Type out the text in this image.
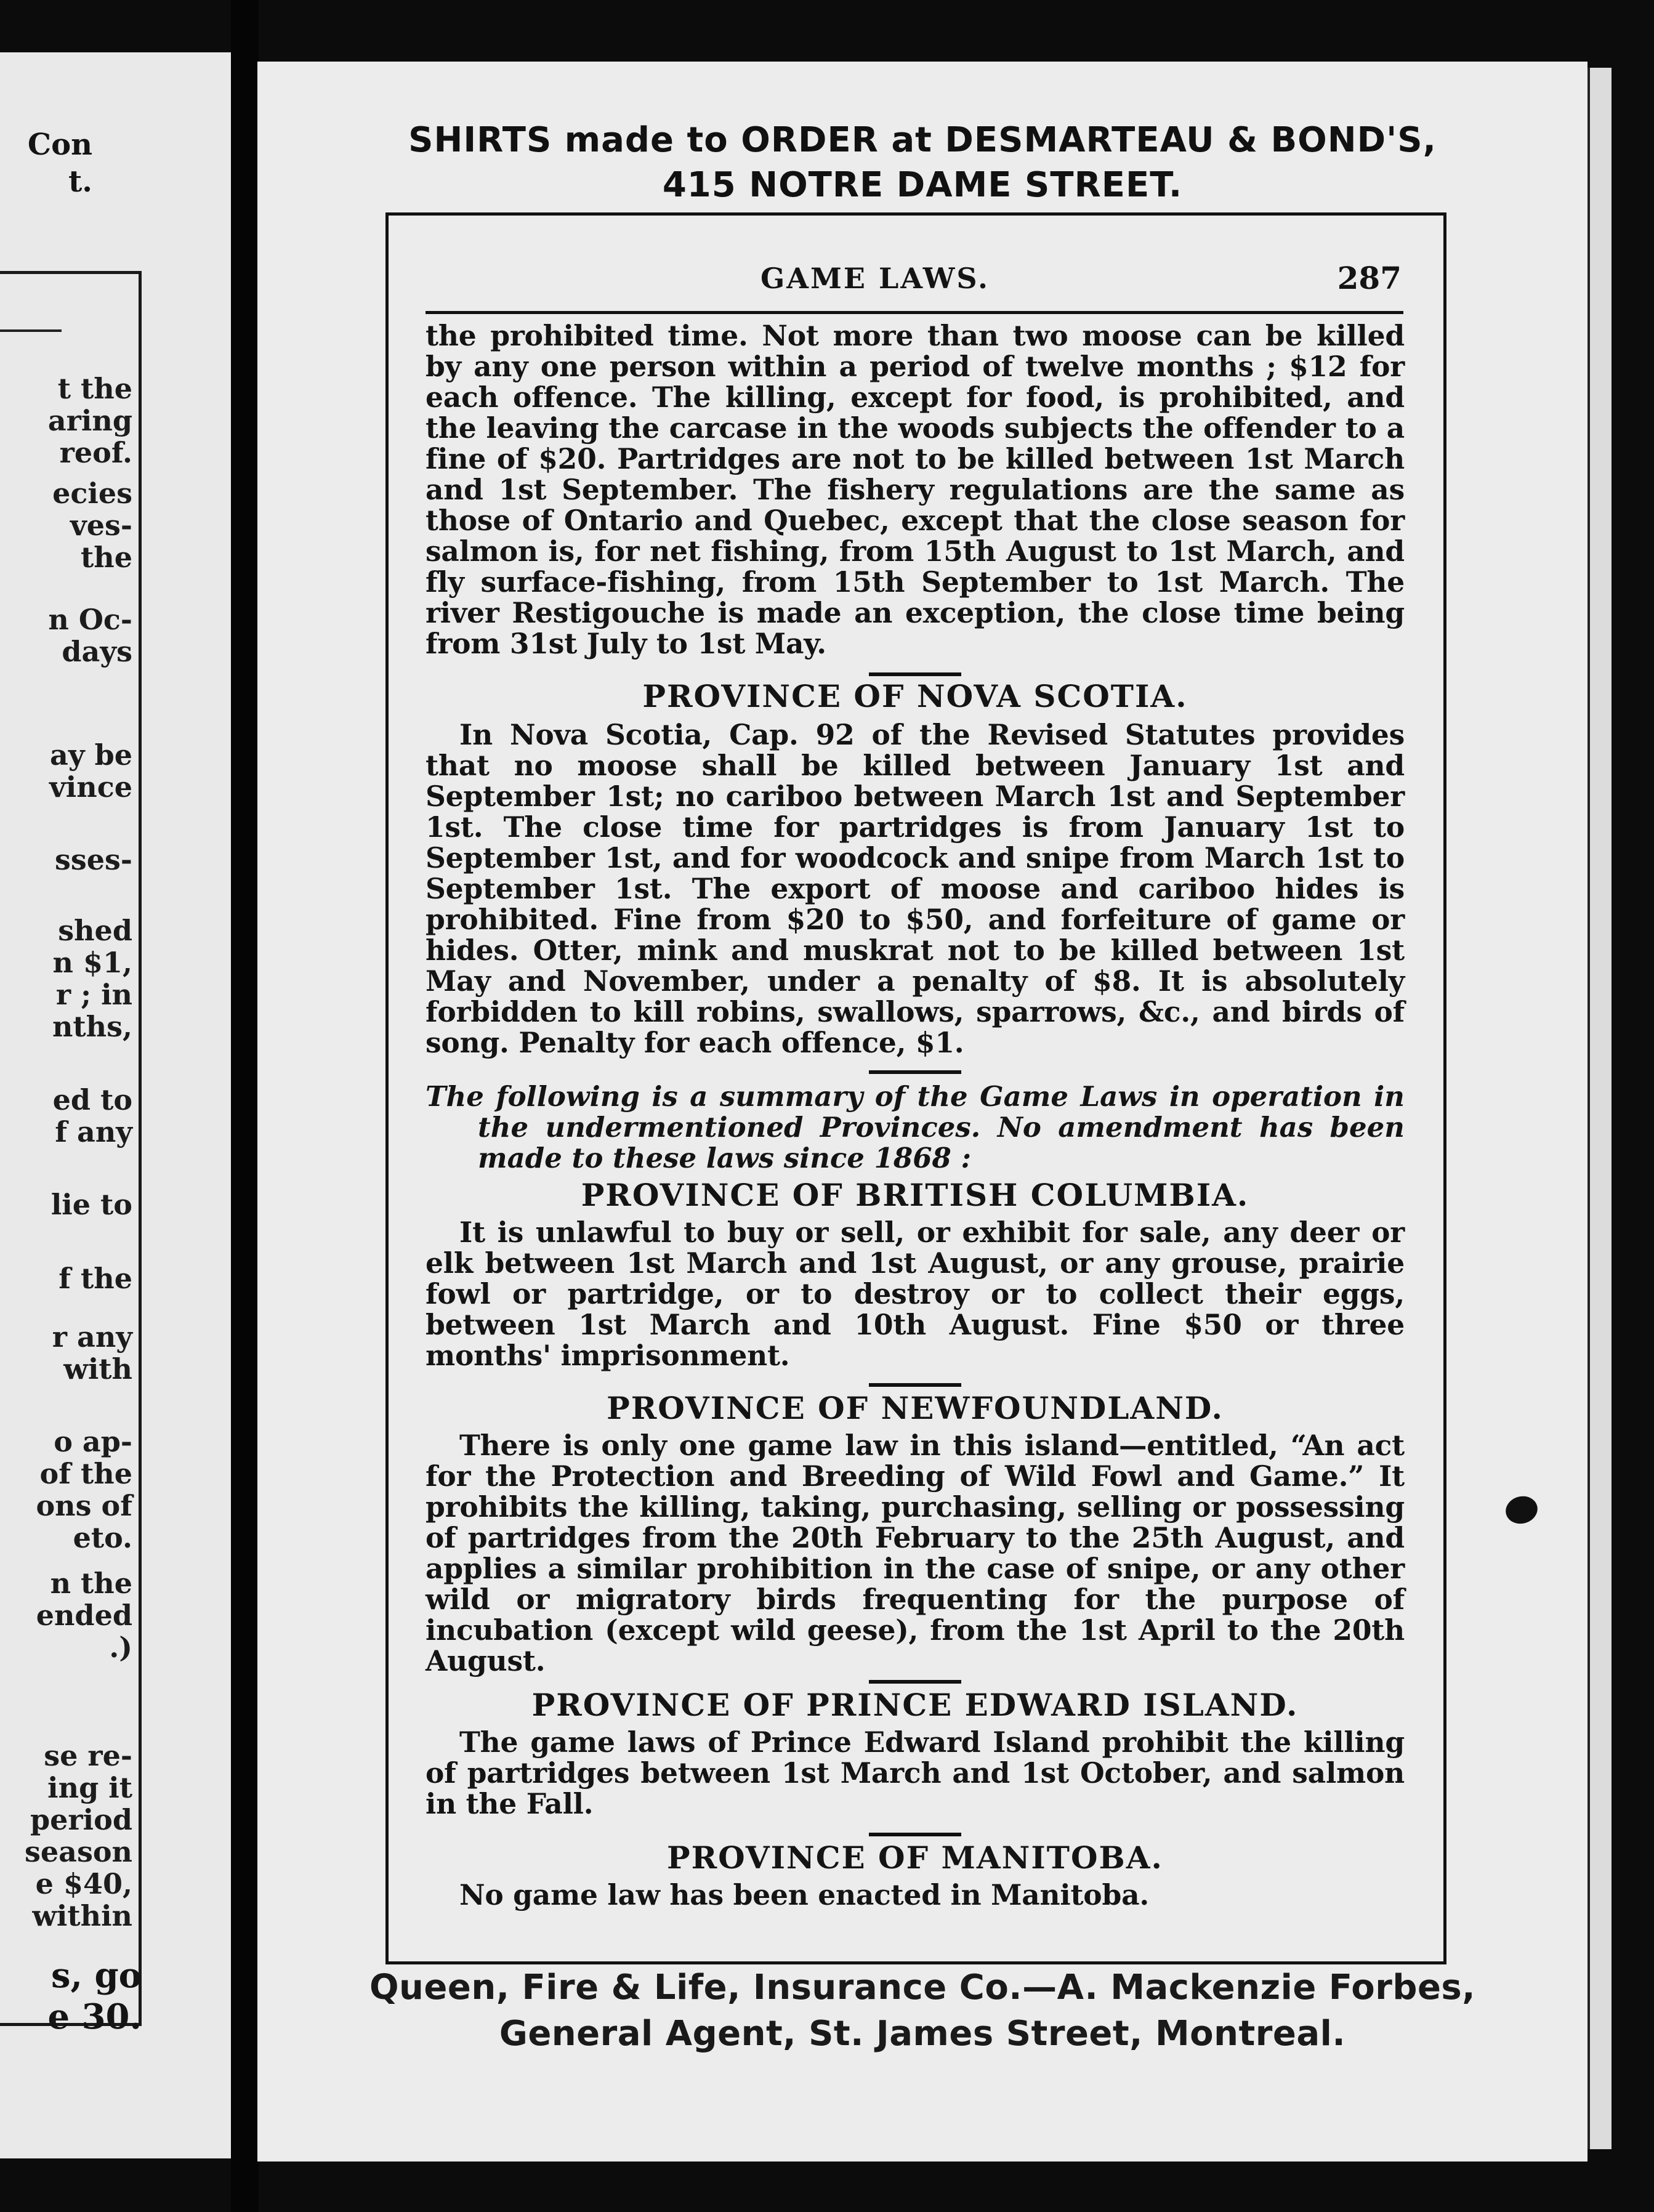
Con
t.
t the
aring
reof.
ecies
ves-
the
n Oc-
days
ay be
vince
sses-
shed
n $1,
r ; in
nths,
ed to
f any
lie to
f the
r any
with
o ap-
of the
ons of
eto.
n the
ended
.)
se re-
ing it
period
season
e $40,
within
s, go
e 30.
SHIRTS made to ORDER at DESMARTEAU & BOND'S,
415 NOTRE DAME STREET.
GAME LAWS.	287

the prohibited time. Not more than two moose can be killed by any one person within a period of twelve months ; $12 for each offence. The killing, except for food, is prohibited, and the leaving the carcase in the woods subjects the offender to a fine of $20. Partridges are not to be killed between 1st March and 1st September. The fishery regulations are the same as those of Ontario and Quebec, except that the close season for salmon is, for net fishing, from 15th August to 1st March, and fly surface-fishing, from 15th September to 1st March. The river Restigouche is made an exception, the close time being from 31st July to 1st May.

PROVINCE OF NOVA SCOTIA.

In Nova Scotia, Cap. 92 of the Revised Statutes provides that no moose shall be killed between January 1st and September 1st; no cariboo between March 1st and September 1st. The close time for partridges is from January 1st to September 1st, and for woodcock and snipe from March 1st to September 1st. The export of moose and cariboo hides is prohibited. Fine from $20 to $50, and forfeiture of game or hides. Otter, mink and muskrat not to be killed between 1st May and November, under a penalty of $8. It is absolutely forbidden to kill robins, swallows, sparrows, &c., and birds of song. Penalty for each offence, $1.

The following is a summary of the Game Laws in operation in the undermentioned Provinces. No amendment has been made to these laws since 1868 :

PROVINCE OF BRITISH COLUMBIA.

It is unlawful to buy or sell, or exhibit for sale, any deer or elk between 1st March and 1st August, or any grouse, prairie fowl or partridge, or to destroy or to collect their eggs, between 1st March and 10th August. Fine $50 or three months' imprisonment.

PROVINCE OF NEWFOUNDLAND.

There is only one game law in this island—entitled, “An act for the Protection and Breeding of Wild Fowl and Game.” It prohibits the killing, taking, purchasing, selling or possessing of partridges from the 20th February to the 25th August, and applies a similar prohibition in the case of snipe, or any other wild or migratory birds frequenting for the purpose of incubation (except wild geese), from the 1st April to the 20th August.

PROVINCE OF PRINCE EDWARD ISLAND.

The game laws of Prince Edward Island prohibit the killing of partridges between 1st March and 1st October, and salmon in the Fall.

PROVINCE OF MANITOBA.

No game law has been enacted in Manitoba.

Queen, Fire & Life, Insurance Co.—A. Mackenzie Forbes,
General Agent, St. James Street, Montreal.
